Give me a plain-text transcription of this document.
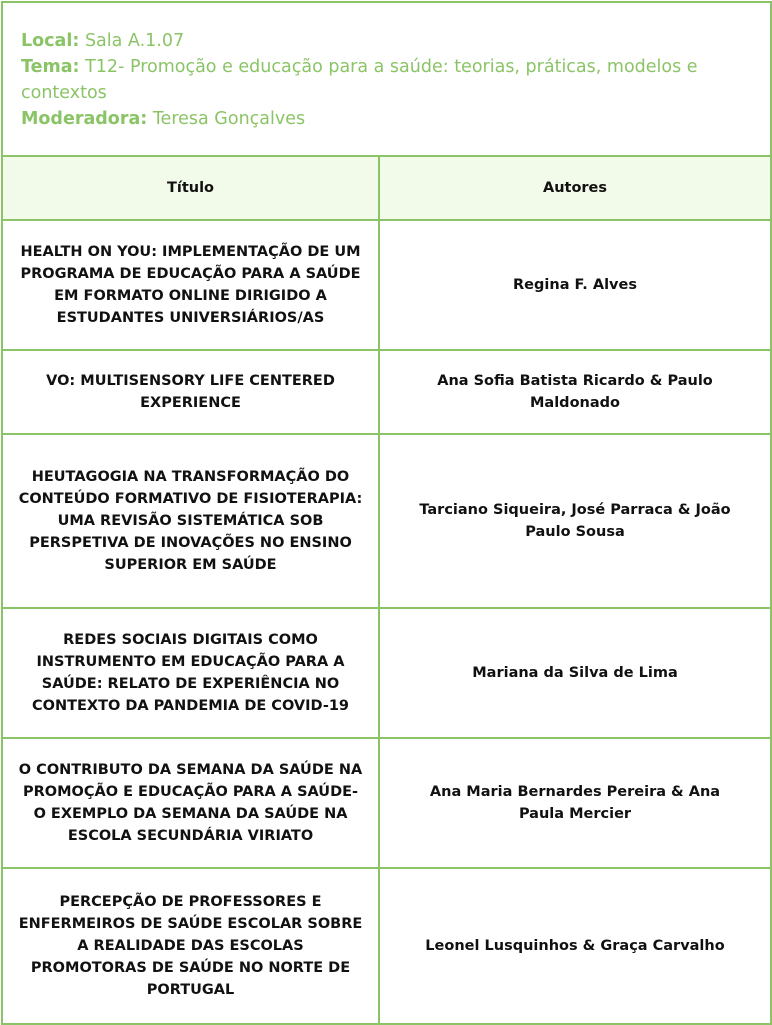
Local: Sala A.1.07

Tema: T12- Promoção e educação para a saúde: teorias, práticas, modelos e contextos

Moderadora: Teresa Gonçalves

Título	Autores
HEALTH ON YOU: IMPLEMENTAÇÃO DE UM PROGRAMA DE EDUCAÇÃO PARA A SAÚDE EM FORMATO ONLINE DIRIGIDO A ESTUDANTES UNIVERSIÁRIOS/AS
Regina F. Alves
VO: MULTISENSORY LIFE CENTERED EXPERIENCE
Ana Sofia Batista Ricardo & Paulo Maldonado
HEUTAGOGIA NA TRANSFORMAÇÃO DO CONTEÚDO FORMATIVO DE FISIOTERAPIA: UMA REVISÃO SISTEMÁTICA SOB PERSPETIVA DE INOVAÇÕES NO ENSINO SUPERIOR EM SAÚDE
Tarciano Siqueira, José Parraca & João Paulo Sousa
REDES SOCIAIS DIGITAIS COMO INSTRUMENTO EM EDUCAÇÃO PARA A SAÚDE: RELATO DE EXPERIÊNCIA NO CONTEXTO DA PANDEMIA DE COVID-19
Mariana da Silva de Lima
O CONTRIBUTO DA SEMANA DA SAÚDE NA PROMOÇÃO E EDUCAÇÃO PARA A SAÚDE- O EXEMPLO DA SEMANA DA SAÚDE NA ESCOLA SECUNDÁRIA VIRIATO
Ana Maria Bernardes Pereira & Ana Paula Mercier
PERCEPÇÃO DE PROFESSORES E ENFERMEIROS DE SAÚDE ESCOLAR SOBRE A REALIDADE DAS ESCOLAS PROMOTORAS DE SAÚDE NO NORTE DE PORTUGAL
Leonel Lusquinhos & Graça Carvalho
